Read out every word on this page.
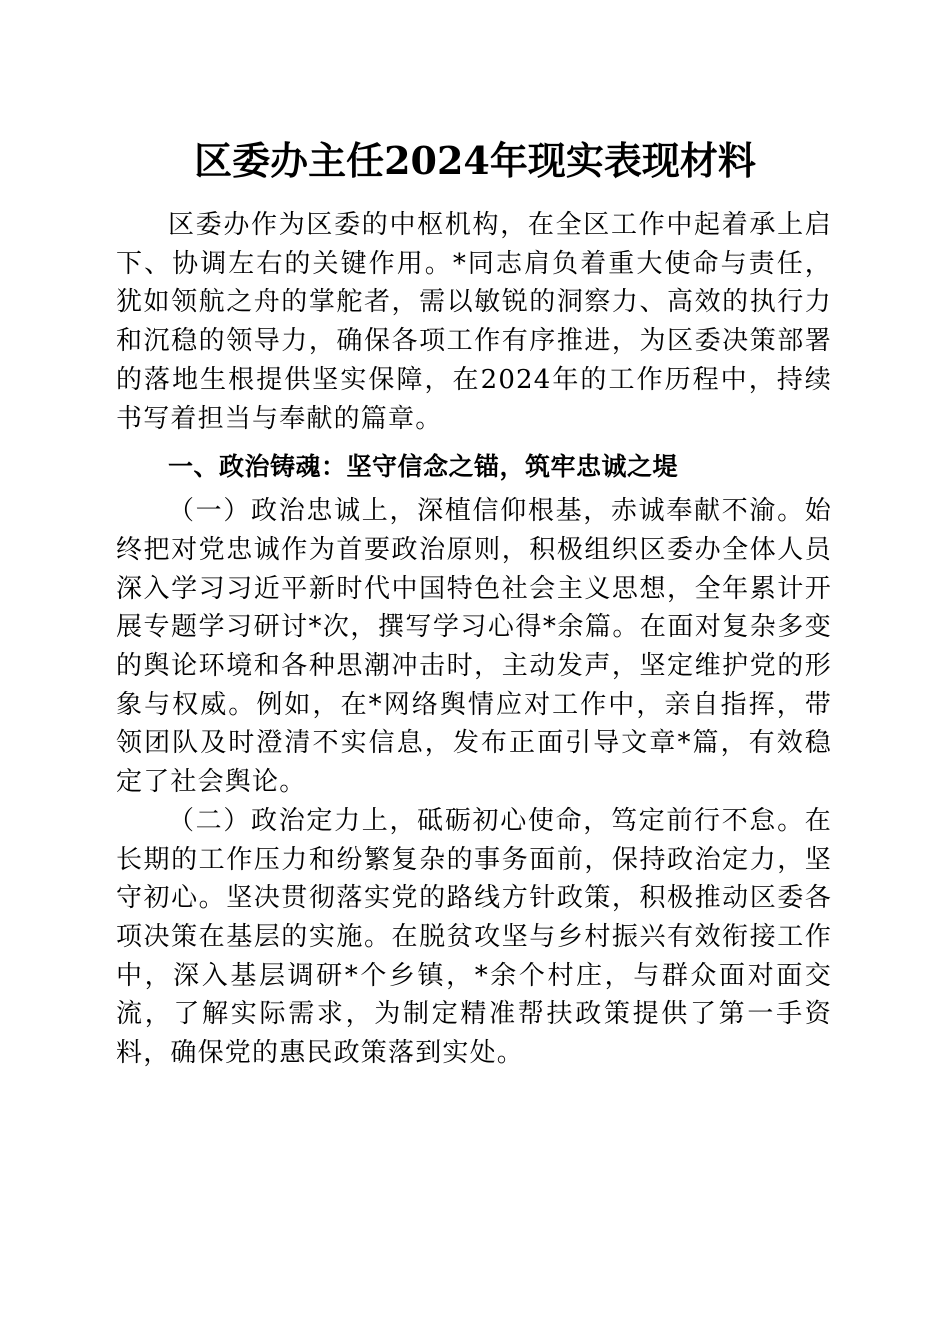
区委办主任2024年现实表现材料

区委办作为区委的中枢机构，在全区工作中起着承上启下、协调左右的关键作用。*同志肩负着重大使命与责任，犹如领航之舟的掌舵者，需以敏锐的洞察力、高效的执行力和沉稳的领导力，确保各项工作有序推进，为区委决策部署的落地生根提供坚实保障，在2024年的工作历程中，持续书写着担当与奉献的篇章。

一、政治铸魂：坚守信念之锚，筑牢忠诚之堤

（一）政治忠诚上，深植信仰根基，赤诚奉献不渝。始终把对党忠诚作为首要政治原则，积极组织区委办全体人员深入学习习近平新时代中国特色社会主义思想，全年累计开展专题学习研讨*次，撰写学习心得*余篇。在面对复杂多变的舆论环境和各种思潮冲击时，主动发声，坚定维护党的形象与权威。例如，在*网络舆情应对工作中，亲自指挥，带领团队及时澄清不实信息，发布正面引导文章*篇，有效稳定了社会舆论。

（二）政治定力上，砥砺初心使命，笃定前行不怠。在长期的工作压力和纷繁复杂的事务面前，保持政治定力，坚守初心。坚决贯彻落实党的路线方针政策，积极推动区委各项决策在基层的实施。在脱贫攻坚与乡村振兴有效衔接工作中，深入基层调研*个乡镇，*余个村庄，与群众面对面交流，了解实际需求，为制定精准帮扶政策提供了第一手资料，确保党的惠民政策落到实处。
